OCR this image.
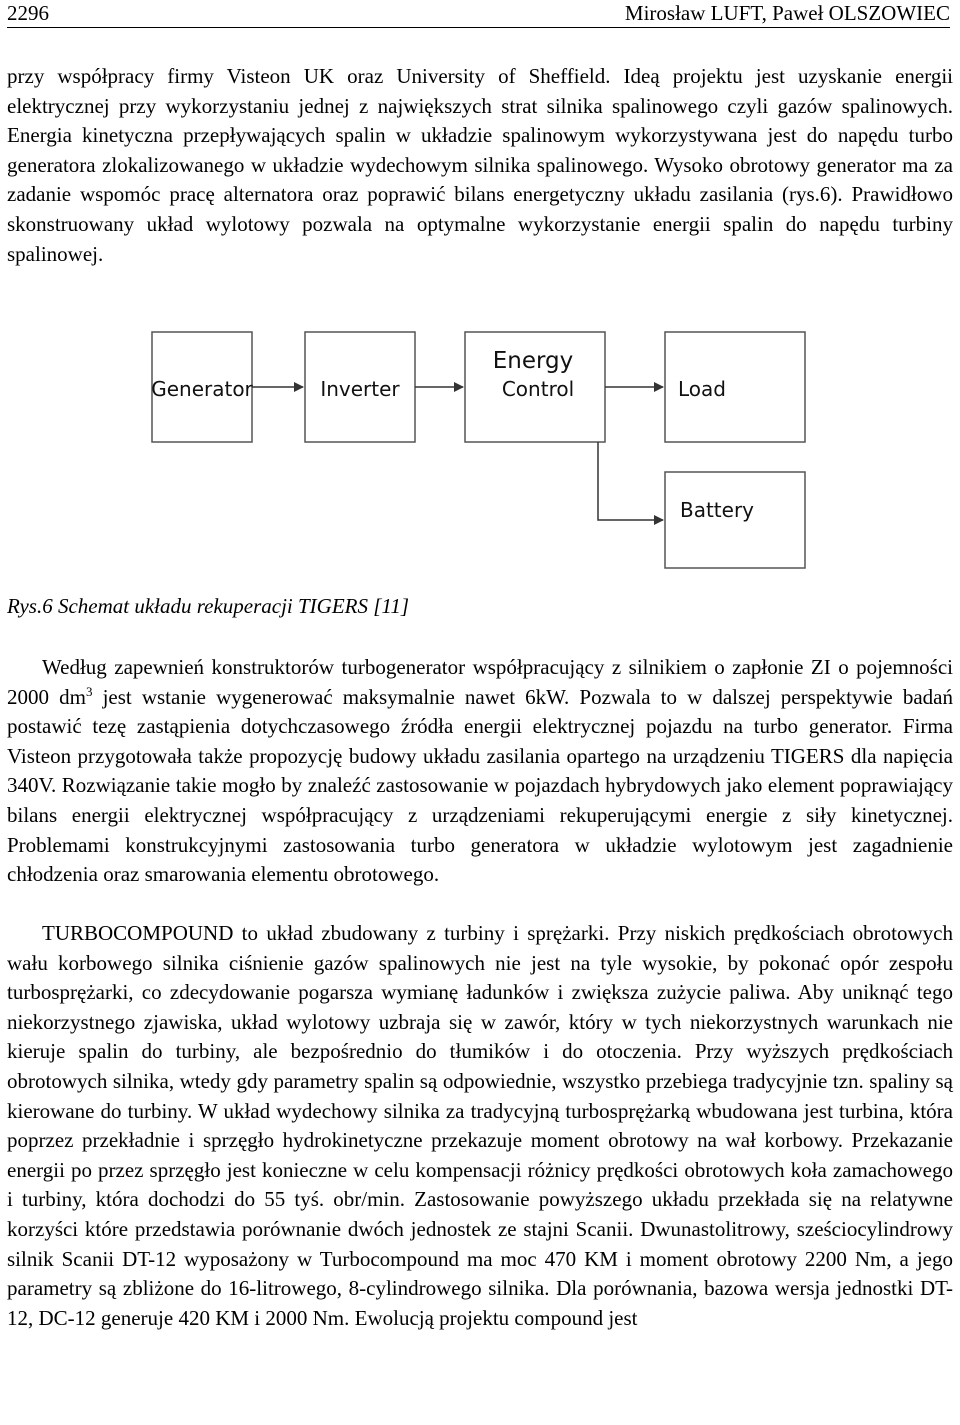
2296	Mirosław LUFT, Paweł OLSZOWIEC

przy współpracy firmy Visteon UK oraz University of Sheffield. Ideą projektu jest uzyskanie energii elektrycznej przy wykorzystaniu jednej z największych strat silnika spalinowego czyli gazów spalinowych. Energia kinetyczna przepływających spalin w układzie spalinowym wykorzystywana jest do napędu turbo generatora zlokalizowanego w układzie wydechowym silnika spalinowego. Wysoko obrotowy generator ma za zadanie wspomóc pracę alternatora oraz poprawić bilans energetyczny układu zasilania (rys.6). Prawidłowo skonstruowany układ wylotowy pozwala na optymalne wykorzystanie energii spalin do napędu turbiny spalinowej.

Generator	Inverter
Energy
Control	Load
Battery
Rys.6 Schemat układu rekuperacji TIGERS [11]

Według zapewnień konstruktorów turbogenerator współpracujący z silnikiem o zapłonie ZI o pojemności 2000 $dm^3$ jest wstanie wygenerować maksymalnie nawet 6kW. Pozwala to w dalszej perspektywie badań postawić tezę zastąpienia dotychczasowego źródła energii elektrycznej pojazdu na turbo generator. Firma Visteon przygotowała także propozycję budowy układu zasilania opartego na urządzeniu TIGERS dla napięcia 340V. Rozwiązanie takie mogło by znaleźć zastosowanie w pojazdach hybrydowych jako element poprawiający bilans energii elektrycznej współpracujący z urządzeniami rekuperującymi energie z siły kinetycznej. Problemami konstrukcyjnymi zastosowania turbo generatora w układzie wylotowym jest zagadnienie chłodzenia oraz smarowania elementu obrotowego.

TURBOCOMPOUND to układ zbudowany z turbiny i sprężarki. Przy niskich prędkościach obrotowych wału korbowego silnika ciśnienie gazów spalinowych nie jest na tyle wysokie, by pokonać opór zespołu turbosprężarki, co zdecydowanie pogarsza wymianę ładunków i zwiększa zużycie paliwa. Aby uniknąć tego niekorzystnego zjawiska, układ wylotowy uzbraja się w zawór, który w tych niekorzystnych warunkach nie kieruje spalin do turbiny, ale bezpośrednio do tłumików i do otoczenia. Przy wyższych prędkościach obrotowych silnika, wtedy gdy parametry spalin są odpowiednie, wszystko przebiega tradycyjnie tzn. spaliny są kierowane do turbiny. W układ wydechowy silnika za tradycyjną turbosprężarką wbudowana jest turbina, która poprzez przekładnie i sprzęgło hydrokinetyczne przekazuje moment obrotowy na wał korbowy. Przekazanie energii po przez sprzęgło jest konieczne w celu kompensacji różnicy prędkości obrotowych koła zamachowego i turbiny, która dochodzi do 55 tyś. obr/min. Zastosowanie powyższego układu przekłada się na relatywne korzyści które przedstawia porównanie dwóch jednostek ze stajni Scanii. Dwunastolitrowy, sześciocylindrowy silnik Scanii DT-12 wyposażony w Turbocompound ma moc 470 KM i moment obrotowy 2200 Nm, a jego parametry są zbliżone do 16-litrowego, 8-cylindrowego silnika. Dla porównania, bazowa wersja jednostki DT-12, DC-12 generuje 420 KM i 2000 Nm. Ewolucją projektu compound jest
